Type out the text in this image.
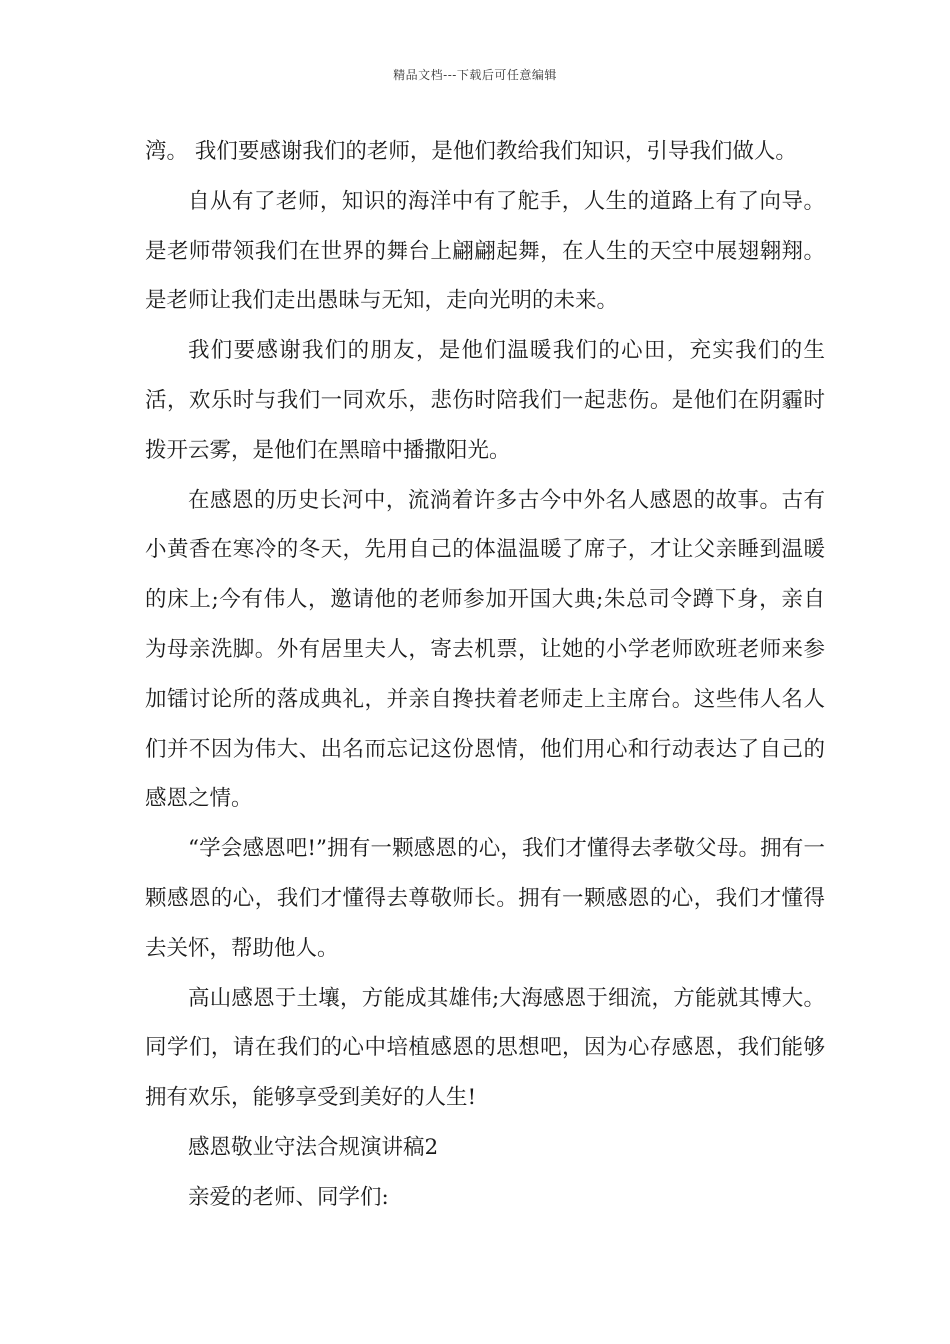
精品文档---下载后可任意编辑

湾。 我们要感谢我们的老师，是他们教给我们知识，引导我们做人。

自从有了老师，知识的海洋中有了舵手，人生的道路上有了向导。是老师带领我们在世界的舞台上翩翩起舞，在人生的天空中展翅翱翔。是老师让我们走出愚昧与无知，走向光明的未来。

我们要感谢我们的朋友，是他们温暖我们的心田，充实我们的生活，欢乐时与我们一同欢乐，悲伤时陪我们一起悲伤。是他们在阴霾时拨开云雾，是他们在黑暗中播撒阳光。

在感恩的历史长河中，流淌着许多古今中外名人感恩的故事。古有小黄香在寒冷的冬天，先用自己的体温温暖了席子，才让父亲睡到温暖的床上;今有伟人，邀请他的老师参加开国大典;朱总司令蹲下身，亲自为母亲洗脚。外有居里夫人，寄去机票，让她的小学老师欧班老师来参加镭讨论所的落成典礼，并亲自搀扶着老师走上主席台。这些伟人名人们并不因为伟大、出名而忘记这份恩情，他们用心和行动表达了自己的感恩之情。

“学会感恩吧!”拥有一颗感恩的心，我们才懂得去孝敬父母。拥有一颗感恩的心，我们才懂得去尊敬师长。拥有一颗感恩的心，我们才懂得去关怀，帮助他人。

高山感恩于土壤，方能成其雄伟;大海感恩于细流，方能就其博大。同学们，请在我们的心中培植感恩的思想吧，因为心存感恩，我们能够拥有欢乐，能够享受到美好的人生!

感恩敬业守法合规演讲稿2

亲爱的老师、同学们:
